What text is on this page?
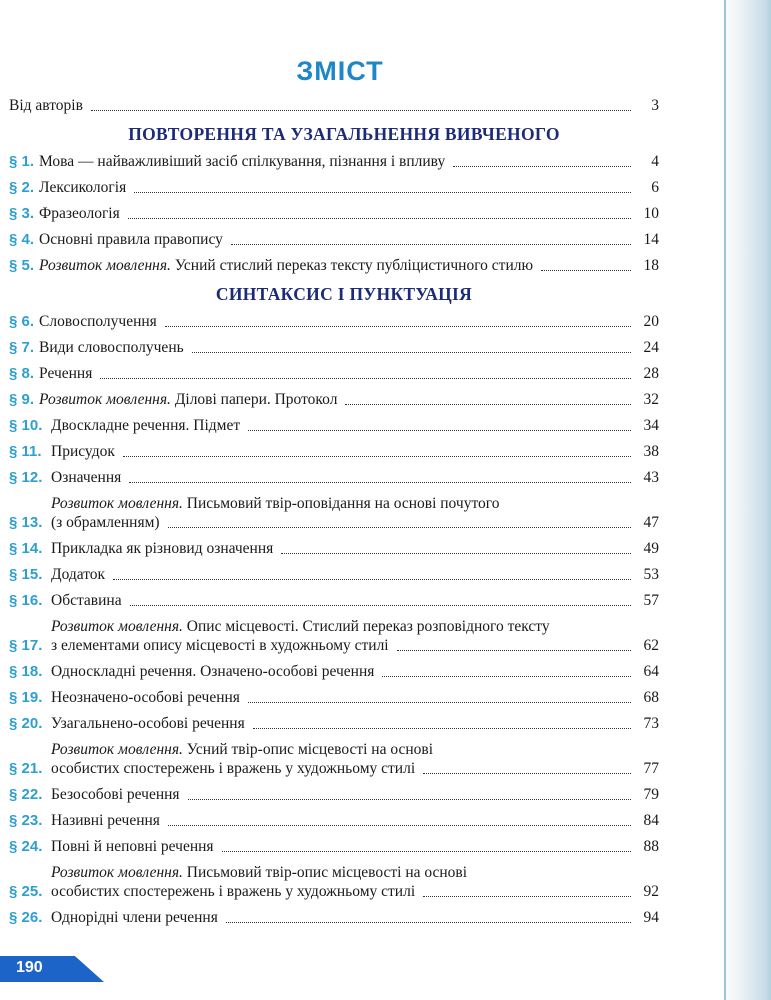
ЗМІСТ
Від авторів	3
ПОВТОРЕННЯ ТА УЗАГАЛЬНЕННЯ ВИВЧЕНОГО
§ 1. Мова — найважливіший засіб спілкування, пізнання і впливу	4
§ 2. Лексикологія	6
§ 3. Фразеологія	10
§ 4. Основні правила правопису	14
§ 5. Розвиток мовлення. Усний стислий переказ тексту публіцистичного стилю	18
СИНТАКСИС І ПУНКТУАЦІЯ
§ 6. Словосполучення	20
§ 7. Види словосполучень	24
§ 8. Речення	28
§ 9. Розвиток мовлення. Ділові папери. Протокол	32
§ 10. Двоскладне речення. Підмет	34
§ 11. Присудок	38
§ 12. Означення	43
§ 13.
Розвиток мовлення. Письмовий твір-оповідання на основі почутого
(з обрамленням)	47
§ 14. Прикладка як різновид означення	49
§ 15. Додаток	53
§ 16. Обставина	57
§ 17.
Розвиток мовлення. Опис місцевості. Стислий переказ розповідного тексту
з елементами опису місцевості в художньому стилі	62
§ 18. Односкладні речення. Означено-особові речення	64
§ 19. Неозначено-особові речення	68
§ 20. Узагальнено-особові речення	73
§ 21.
Розвиток мовлення. Усний твір-опис місцевості на основі
особистих спостережень і вражень у художньому стилі	77
§ 22. Безособові речення	79
§ 23. Називні речення	84
§ 24. Повні й неповні речення	88
§ 25.
Розвиток мовлення. Письмовий твір-опис місцевості на основі
особистих спостережень і вражень у художньому стилі	92
§ 26. Однорідні члени речення	94
190
